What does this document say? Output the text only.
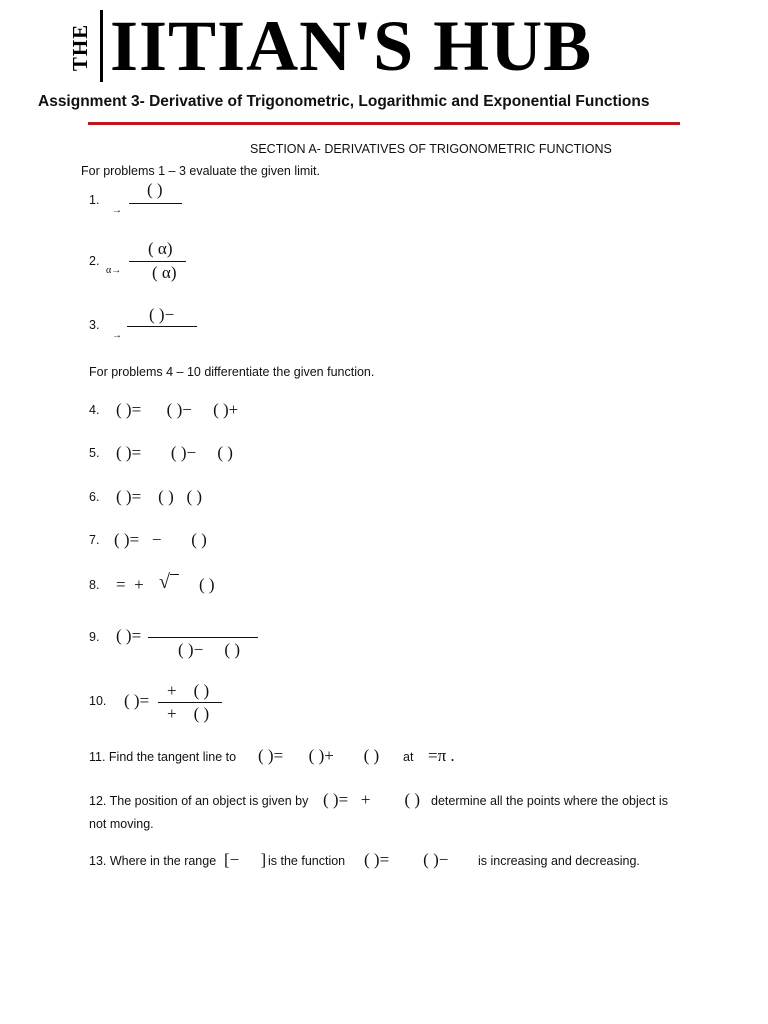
THE IITIAN'S HUB
Assignment 3- Derivative of Trigonometric, Logarithmic and Exponential Functions
SECTION A- DERIVATIVES OF TRIGONOMETRIC FUNCTIONS
For problems 1 – 3 evaluate the given limit.
1.
( )
→
2.
( α)
( α)
α→
3.
( )−
→
For problems 4 – 10 differentiate the given function.
4. ( )=      ( )−     ( )+
5. ( )=       ( )−     ( )
6. ( )=    ( )   ( )
7. ( )=   −       ( )
8. =  + √ ( )
9. ( )=
( )−     ( )
10. ( )=
+    ( )
+    ( )
11. Find the tangent line to ( )=      ( )+       ( ) at =π .
12. The position of an object is given by ( )=   +        ( ) determine all the points where the object is
not moving.
13. Where in the range [−     ] is the function ( )=        ( )− is increasing and decreasing.
